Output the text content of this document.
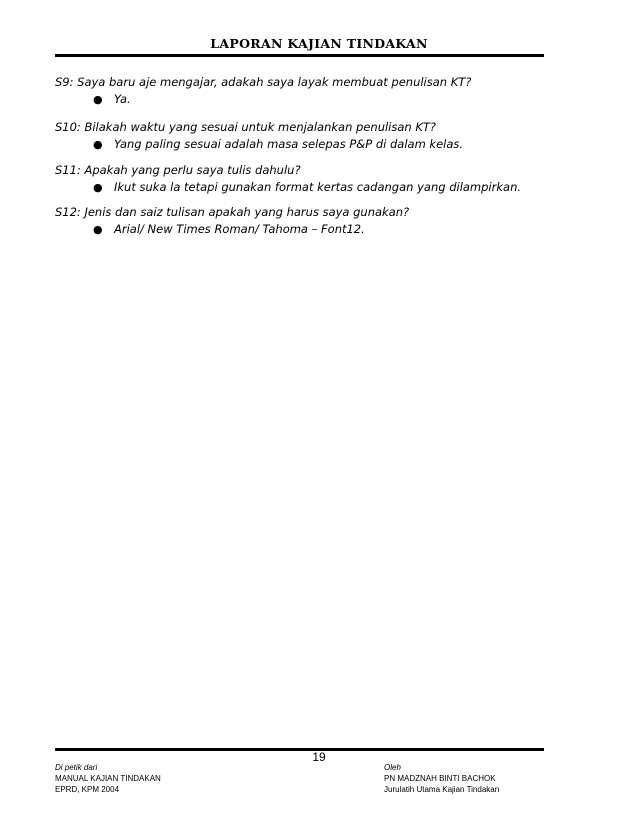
LAPORAN KAJIAN TINDAKAN
S9: Saya baru aje mengajar, adakah saya layak membuat penulisan KT?
● Ya.
S10: Bilakah waktu yang sesuai untuk menjalankan penulisan KT?
● Yang paling sesuai adalah masa selepas P&P di dalam kelas.
S11: Apakah yang perlu saya tulis dahulu?
● Ikut suka la tetapi gunakan format kertas cadangan yang dilampirkan.
S12: Jenis dan saiz tulisan apakah yang harus saya gunakan?
● Arial/ New Times Roman/ Tahoma – Font12.
19
Di petik dari
MANUAL KAJIAN TINDAKAN
EPRD, KPM 2004
Oleh
PN MADZNAH BINTI BACHOK
Jurulatih Utama Kajian Tindakan
